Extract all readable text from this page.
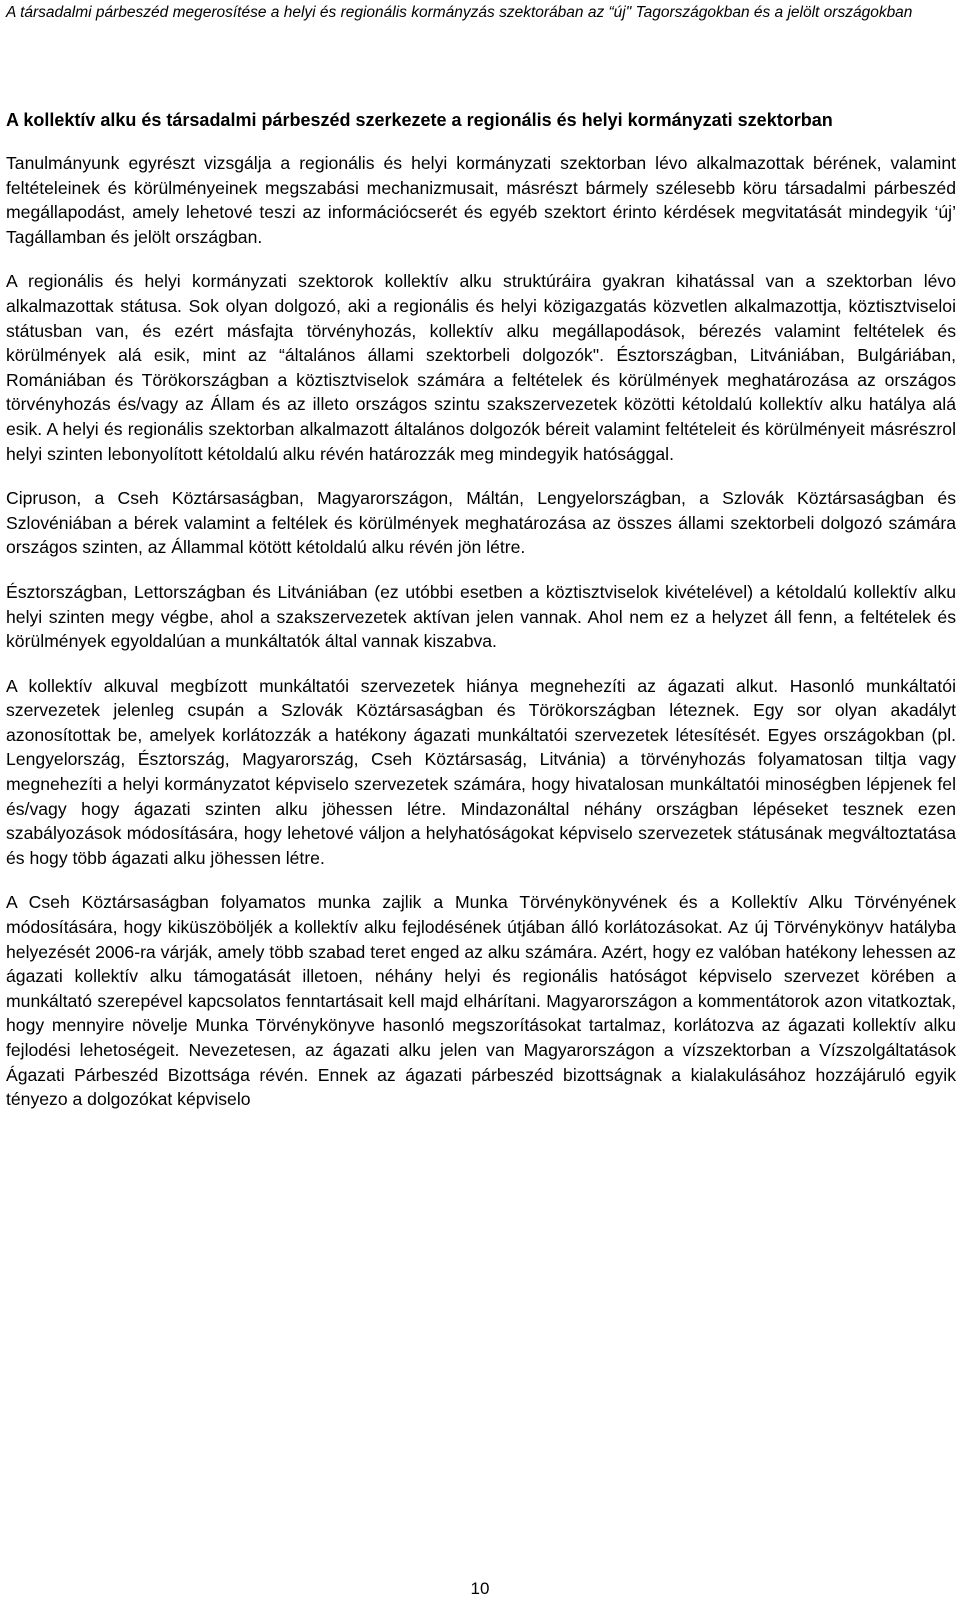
A társadalmi párbeszéd megerosítése a helyi és regionális kormányzás szektorában az “új" Tagországokban és a jelölt országokban

A kollektív alku és társadalmi párbeszéd szerkezete a regionális és helyi kormányzati szektorban

Tanulmányunk egyrészt vizsgálja a regionális és helyi kormányzati szektorban lévo alkalmazottak bérének, valamint feltételeinek és körülményeinek megszabási mechanizmusait, másrészt bármely szélesebb köru társadalmi párbeszéd megállapodást, amely lehetové teszi az információcserét és egyéb szektort érinto kérdések megvitatását mindegyik ‘új’ Tagállamban és jelölt országban.

A regionális és helyi kormányzati szektorok kollektív alku struktúráira gyakran kihatással van a szektorban lévo alkalmazottak státusa. Sok olyan dolgozó, aki a regionális és helyi közigazgatás közvetlen alkalmazottja, köztisztviseloi státusban van, és ezért másfajta törvényhozás, kollektív alku megállapodások, bérezés valamint feltételek és körülmények alá esik, mint az “általános állami szektorbeli dolgozók". Észtországban, Litvániában, Bulgáriában, Romániában és Törökországban a köztisztviselok számára a feltételek és körülmények meghatározása az országos törvényhozás és/vagy az Állam és az illeto országos szintu szakszervezetek közötti kétoldalú kollektív alku hatálya alá esik. A helyi és regionális szektorban alkalmazott általános dolgozók béreit valamint feltételeit és körülményeit másrészrol helyi szinten lebonyolított kétoldalú alku révén határozzák meg mindegyik hatósággal.

Cipruson, a Cseh Köztársaságban, Magyarországon, Máltán, Lengyelországban, a Szlovák Köztársaságban és Szlovéniában a bérek valamint a feltélek és körülmények meghatározása az összes állami szektorbeli dolgozó számára országos szinten, az Állammal kötött kétoldalú alku révén jön létre.

Észtországban, Lettországban és Litvániában (ez utóbbi esetben a köztisztviselok kivételével) a kétoldalú kollektív alku helyi szinten megy végbe, ahol a szakszervezetek aktívan jelen vannak. Ahol nem ez a helyzet áll fenn, a feltételek és körülmények egyoldalúan a munkáltatók által vannak kiszabva.

A kollektív alkuval megbízott munkáltatói szervezetek hiánya megnehezíti az ágazati alkut. Hasonló munkáltatói szervezetek jelenleg csupán a Szlovák Köztársaságban és Törökországban léteznek. Egy sor olyan akadályt azonosítottak be, amelyek korlátozzák a hatékony ágazati munkáltatói szervezetek létesítését. Egyes országokban (pl. Lengyelország, Észtország, Magyarország, Cseh Köztársaság, Litvánia) a törvényhozás folyamatosan tiltja vagy megnehezíti a helyi kormányzatot képviselo szervezetek számára, hogy hivatalosan munkáltatói minoségben lépjenek fel és/vagy hogy ágazati szinten alku jöhessen létre. Mindazonáltal néhány országban lépéseket tesznek ezen szabályozások módosítására, hogy lehetové váljon a helyhatóságokat képviselo szervezetek státusának megváltoztatása és hogy több ágazati alku jöhessen létre.

A Cseh Köztársaságban folyamatos munka zajlik a Munka Törvénykönyvének és a Kollektív Alku Törvényének módosítására, hogy kiküszöböljék a kollektív alku fejlodésének útjában álló korlátozásokat. Az új Törvénykönyv hatályba helyezését 2006-ra várják, amely több szabad teret enged az alku számára. Azért, hogy ez valóban hatékony lehessen az ágazati kollektív alku támogatását illetoen, néhány helyi és regionális hatóságot képviselo szervezet körében a munkáltató szerepével kapcsolatos fenntartásait kell majd elhárítani. Magyarországon a kommentátorok azon vitatkoztak, hogy mennyire növelje Munka Törvénykönyve hasonló megszorításokat tartalmaz, korlátozva az ágazati kollektív alku fejlodési lehetoségeit. Nevezetesen, az ágazati alku jelen van Magyarországon a vízszektorban a Vízszolgáltatások Ágazati Párbeszéd Bizottsága révén. Ennek az ágazati párbeszéd bizottságnak a kialakulásához hozzájáruló egyik tényezo a dolgozókat képviselo

10
